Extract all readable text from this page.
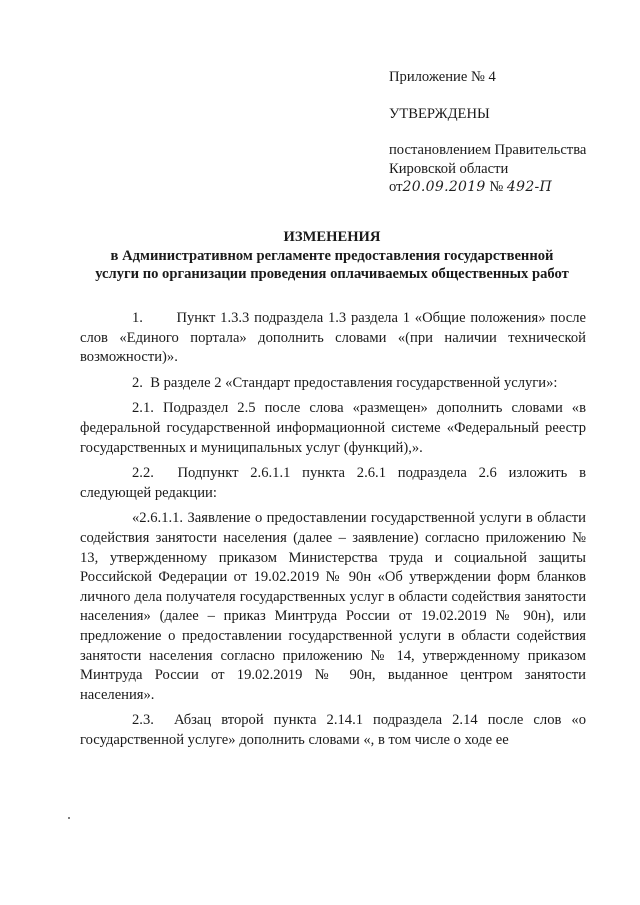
Приложение № 4
УТВЕРЖДЕНЫ
постановлением Правительства
Кировской области
от20.09.2019 № 492-П
ИЗМЕНЕНИЯ
в Административном регламенте предоставления государственной
услуги по организации проведения оплачиваемых общественных работ

1.       Пункт 1.3.3 подраздела 1.3 раздела 1 «Общие положения» после слов «Единого портала» дополнить словами «(при наличии технической возможности)».

2.  В разделе 2 «Стандарт предоставления государственной услуги»:

2.1. Подраздел 2.5 после слова «размещен» дополнить словами «в федеральной государственной информационной системе «Федеральный реестр государственных и муниципальных услуг (функций),».

2.2.  Подпункт 2.6.1.1 пункта 2.6.1 подраздела 2.6 изложить в следующей редакции:

«2.6.1.1. Заявление о предоставлении государственной услуги в области содействия занятости населения (далее – заявление) согласно приложению № 13, утвержденному приказом Министерства труда и социальной защиты Российской Федерации от 19.02.2019 № 90н «Об утверждении форм бланков личного дела получателя государственных услуг в области содействия занятости населения» (далее – приказ Минтруда России от 19.02.2019 № 90н), или предложение о предоставлении государственной услуги в области содействия занятости населения согласно приложению № 14, утвержденному приказом Минтруда России от 19.02.2019 № 90н, выданное центром занятости населения».

2.3.  Абзац второй пункта 2.14.1 подраздела 2.14 после слов «о государственной услуге» дополнить словами «, в том числе о ходе ее
